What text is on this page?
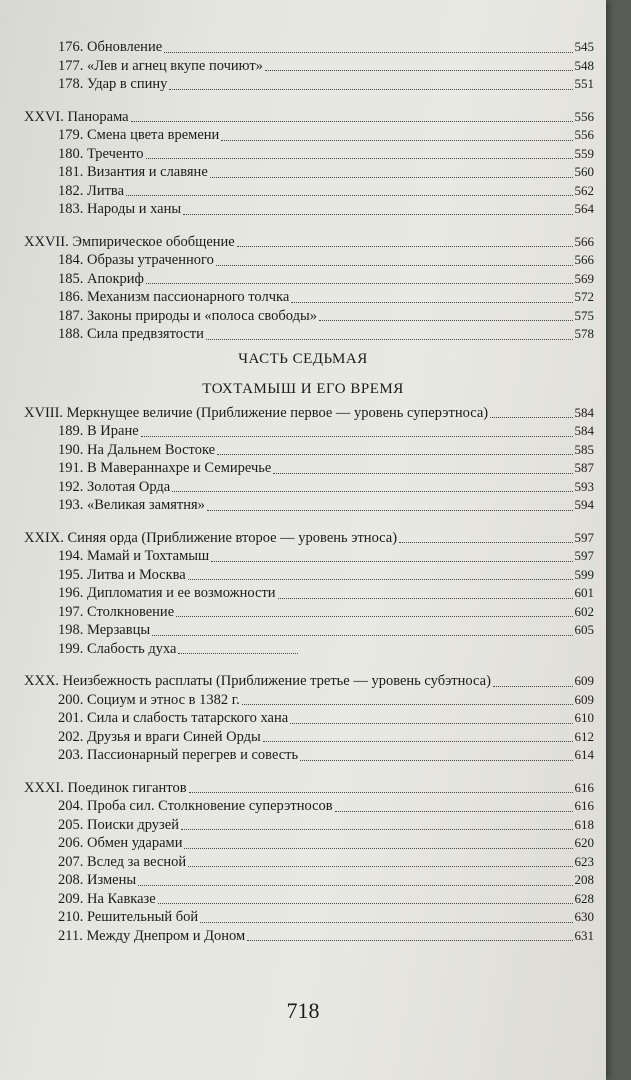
176. Обновление	545
177. «Лев и агнец вкупе почиют»	548
178. Удар в спину	551
XXVI. Панорама	556
179. Смена цвета времени	556
180. Треченто	559
181. Византия и славяне	560
182. Литва	562
183. Народы и ханы	564
XXVII. Эмпирическое обобщение	566
184. Образы утраченного	566
185. Апокриф	569
186. Механизм пассионарного толчка	572
187. Законы природы и «полоса свободы»	575
188. Сила предвзятости	578
ЧАСТЬ СЕДЬМАЯ
ТОХТАМЫШ И ЕГО ВРЕМЯ
XVIII. Меркнущее величие (Приближение первое — уровень суперэтноса)	584
189. В Иране	584
190. На Дальнем Востоке	585
191. В Мавераннахре и Семиречье	587
192. Золотая Орда	593
193. «Великая замятня»	594
XXIX. Синяя орда (Приближение второе — уровень этноса)	597
194. Мамай и Тохтамыш	597
195. Литва и Москва	599
196. Дипломатия и ее возможности	601
197. Столкновение	602
198. Мерзавцы	605
199. Слабость духа
XXX. Неизбежность расплаты (Приближение третье — уровень субэтноса)	609
200. Социум и этнос в 1382 г.	609
201. Сила и слабость татарского хана	610
202. Друзья и враги Синей Орды	612
203. Пассионарный перегрев и совесть	614
XXXI. Поединок гигантов	616
204. Проба сил. Столкновение суперэтносов	616
205. Поиски друзей	618
206. Обмен ударами	620
207. Вслед за весной	623
208. Измены	208
209. На Кавказе	628
210. Решительный бой	630
211. Между Днепром и Доном	631
718
